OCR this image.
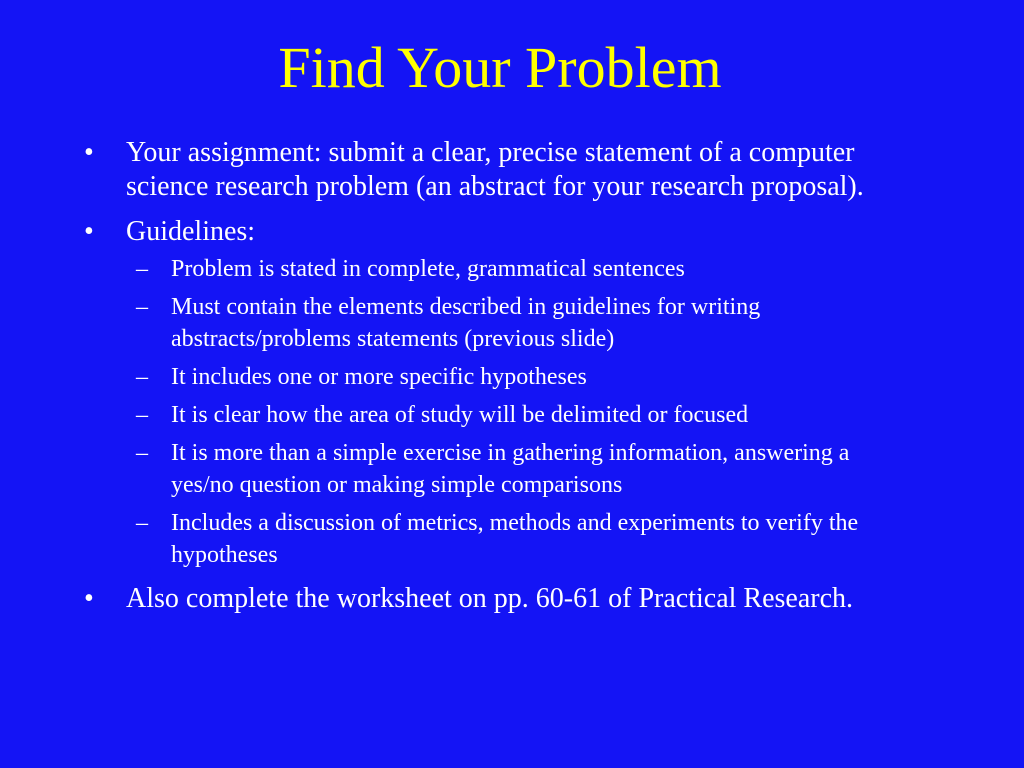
Find Your Problem
•	Your assignment: submit a clear, precise statement of a computer science research problem (an abstract for your research proposal).
•	Guidelines:
– Problem is stated in complete, grammatical sentences
– Must contain the elements described in guidelines for writing abstracts/problems statements (previous slide)
– It includes one or more specific hypotheses
– It is clear how the area of study will be delimited or focused
– It is more than a simple exercise in gathering information, answering a yes/no question or making simple comparisons
– Includes a discussion of metrics, methods and experiments to verify the hypotheses
•	Also complete the worksheet on pp. 60-61 of Practical Research.
